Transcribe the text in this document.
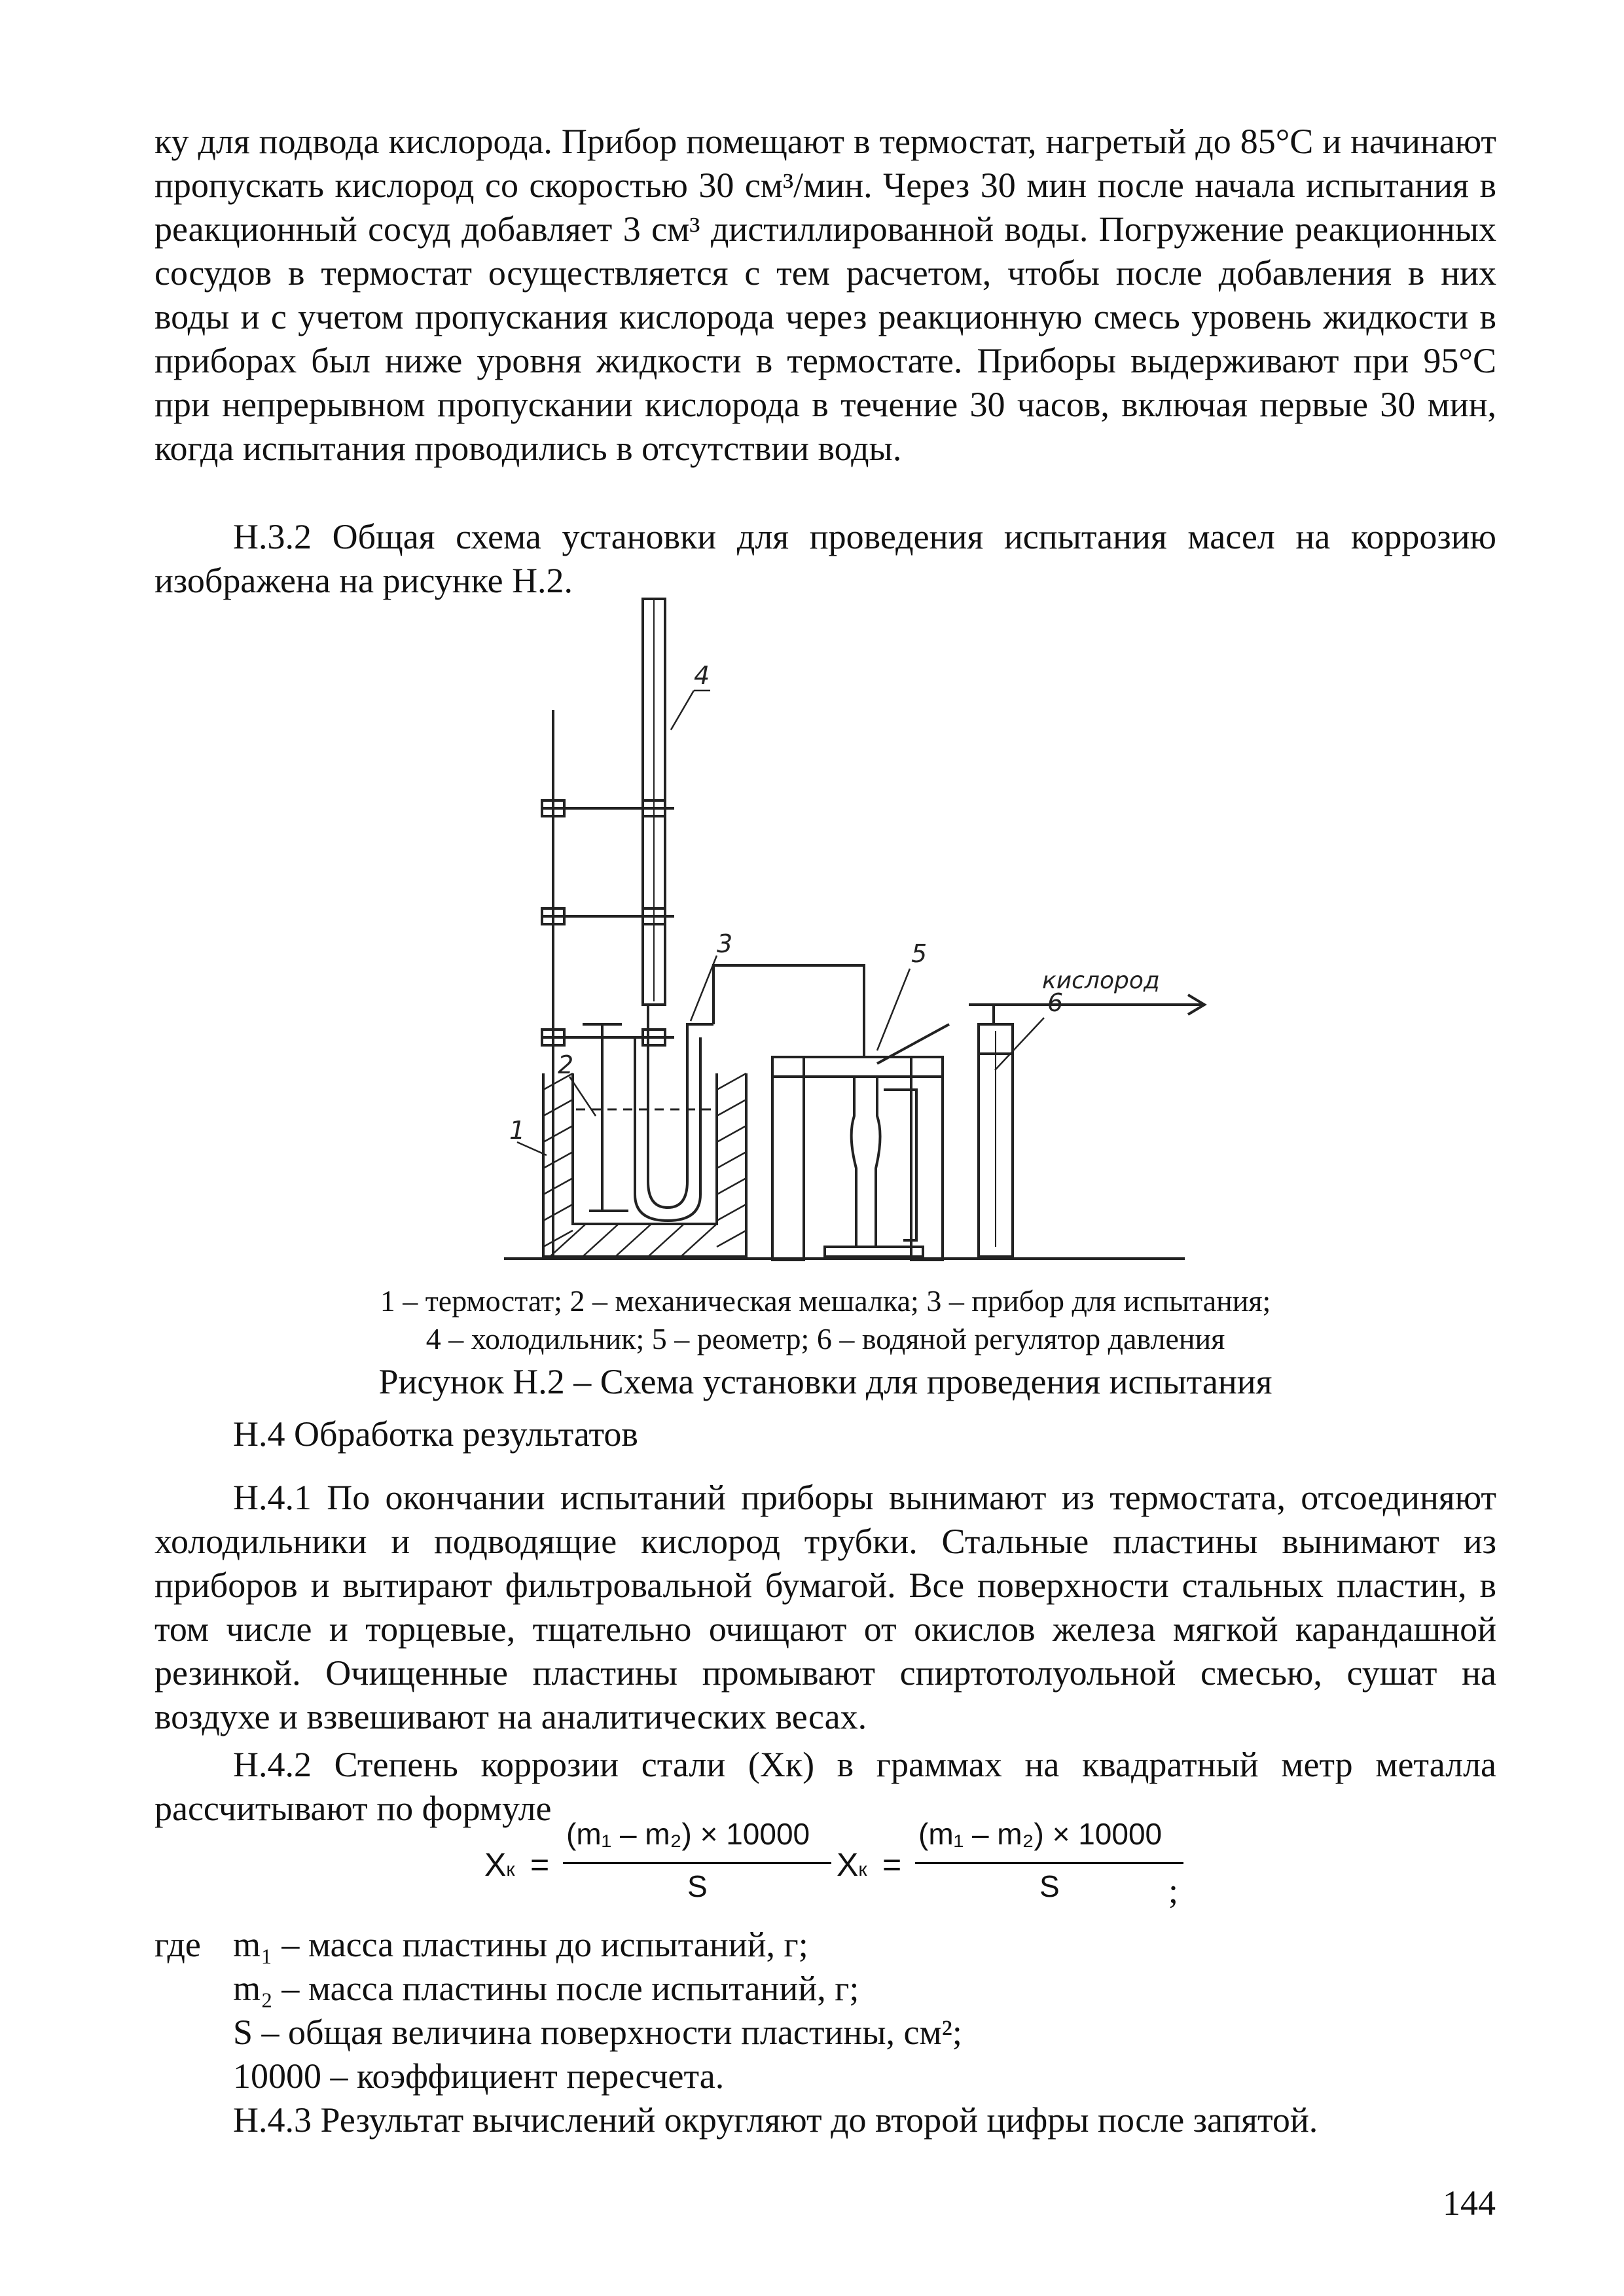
ку для подвода кислорода. Прибор помещают в термостат, нагретый до 85°С и начинают пропускать кислород со скоростью 30 см³/мин. Через 30 мин после начала испытания в реакционный сосуд добавляет 3 см³ дистиллированной воды. Погружение реакционных сосудов в термостат осуществляется с тем расчетом, чтобы после добавления в них воды и с учетом пропускания кислорода через реакционную смесь уровень жидкости в приборах был ниже уровня жидкости в термостате. Приборы выдерживают при 95°С при непрерывном пропускании кислорода в течение 30 часов, включая первые 30 мин, когда испытания проводились в отсутствии воды.

Н.3.2 Общая схема установки для проведения испытания масел на коррозию изображена на рисунке Н.2.

1
2
3
4
5
6
кислород

1 – термостат; 2 – механическая мешалка; 3 – прибор для испытания;

4 – холодильник; 5 – реометр; 6 – водяной регулятор давления

Рисунок Н.2 – Схема установки для проведения испытания

Н.4 Обработка результатов

Н.4.1 По окончании испытаний приборы вынимают из термостата, отсоединяют холодильники и подводящие кислород трубки. Стальные пластины вынимают из приборов и вытирают фильтровальной бумагой. Все поверхности стальных пластин, в том числе и торцевые, тщательно очищают от окислов железа мягкой карандашной резинкой. Очищенные пластины промывают спиртотолуольной смесью, сушат на воздухе и взвешивают на аналитических весах.

Н.4.2 Степень коррозии стали (Хк) в граммах на квадратный метр металла рассчитывают по формуле

Xк =
(m₁ – m₂) × 10000
S
Xк =
(m₁ – m₂) × 10000
S	;

где m₁ – масса пластины до испытаний, г;

m₂ – масса пластины после испытаний, г;

S – общая величина поверхности пластины, см²;

10000 – коэффициент пересчета.

Н.4.3 Результат вычислений округляют до второй цифры после запятой.

144
